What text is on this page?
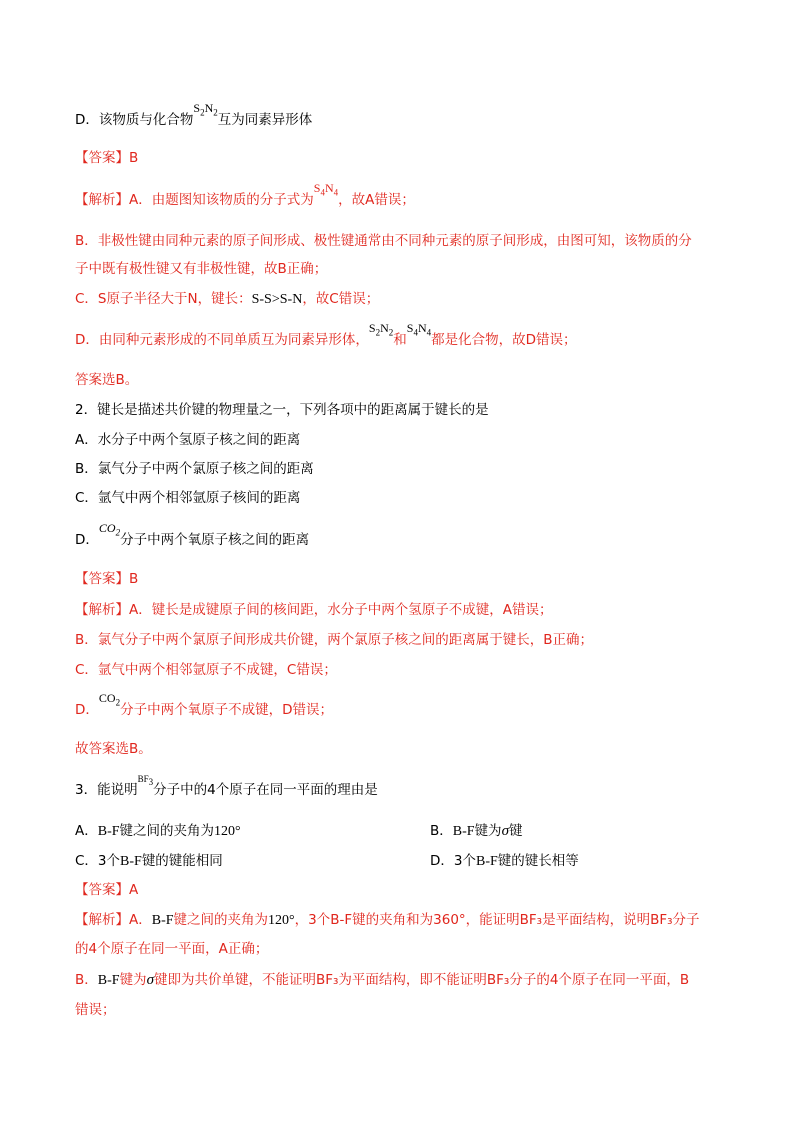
D．该物质与化合物$S_2N_2$互为同素异形体
【答案】B
【解析】A．由题图知该物质的分子式为$S_4N_4$，故A错误；
B．非极性键由同种元素的原子间形成、极性键通常由不同种元素的原子间形成，由图可知，该物质的分
子中既有极性键又有非极性键，故B正确；
C．S原子半径大于N，键长：S-S>S-N，故C错误；
D．由同种元素形成的不同单质互为同素异形体，$S_2N_2$和$S_4N_4$都是化合物，故D错误；
答案选B。
2．键长是描述共价键的物理量之一，下列各项中的距离属于键长的是
A．水分子中两个氢原子核之间的距离
B．氯气分子中两个氯原子核之间的距离
C．氩气中两个相邻氩原子核间的距离
D．$CO_2$分子中两个氧原子核之间的距离
【答案】B
【解析】A．键长是成键原子间的核间距，水分子中两个氢原子不成键，A错误；
B．氯气分子中两个氯原子间形成共价键，两个氯原子核之间的距离属于键长，B正确；
C．氩气中两个相邻氩原子不成键，C错误；
D．$CO_2$分子中两个氧原子不成键，D错误；
故答案选B。
3．能说明$^{BF_3}$分子中的4个原子在同一平面的理由是
A．B-F键之间的夹角为120°	B．B-F键为σ键
C．3个B-F键的键能相同	D．3个B-F键的键长相等
【答案】A
【解析】A．B-F键之间的夹角为120°，3个B-F键的夹角和为360°，能证明BF₃是平面结构，说明BF₃分子
的4个原子在同一平面，A正确；
B．B-F键为σ键即为共价单键，不能证明BF₃为平面结构，即不能证明BF₃分子的4个原子在同一平面，B
错误；
